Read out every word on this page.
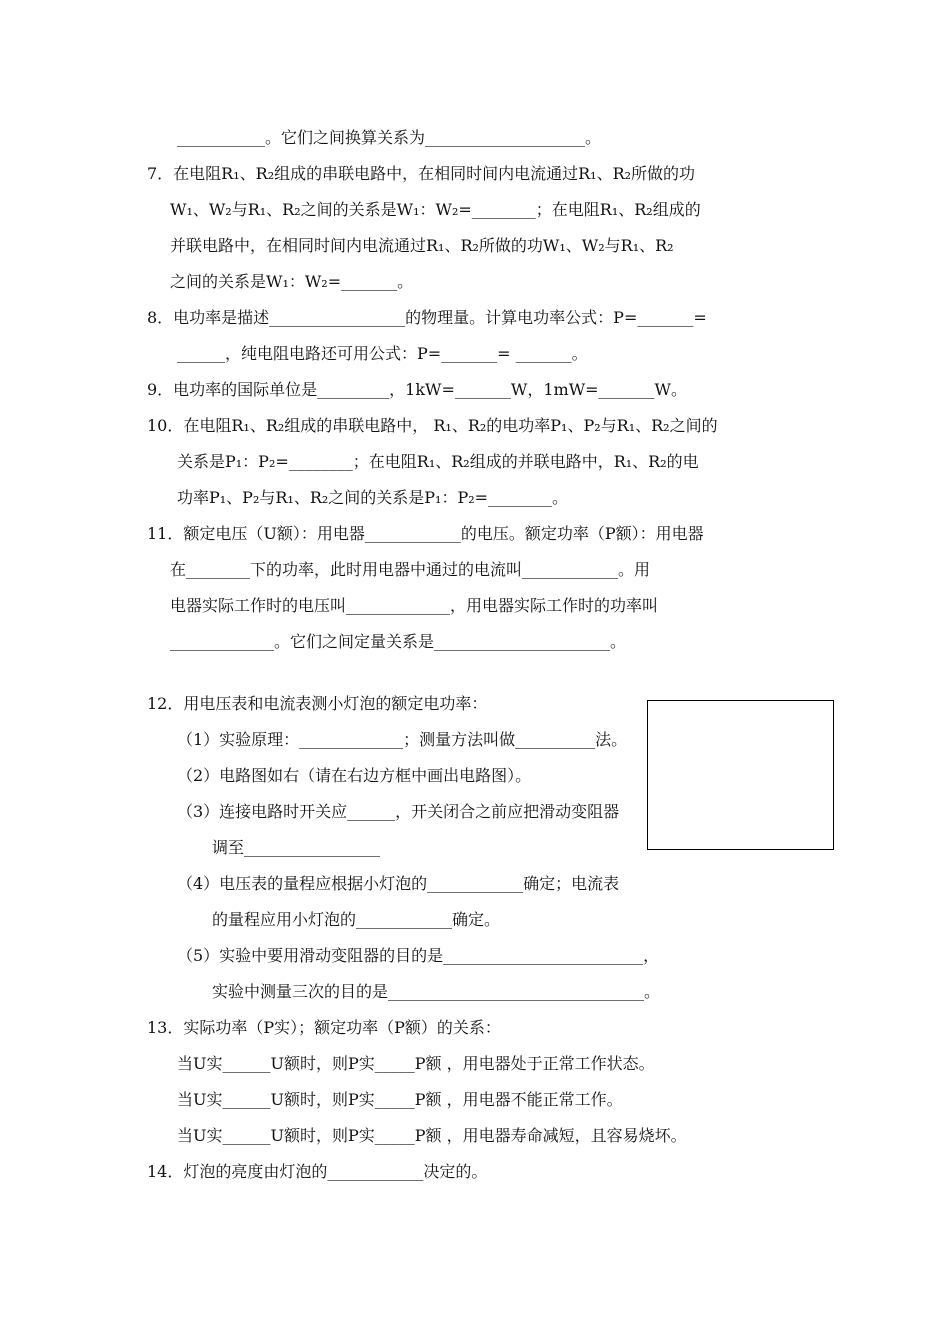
___________。它们之间换算关系为____________________。
7．在电阻R₁、R₂组成的串联电路中，在相同时间内电流通过R₁、R₂所做的功
W₁、W₂与R₁、R₂之间的关系是W₁：W₂=________；在电阻R₁、R₂组成的
并联电路中，在相同时间内电流通过R₁、R₂所做的功W₁、W₂与R₁、R₂
之间的关系是W₁：W₂=_______。
8．电功率是描述_________________的物理量。计算电功率公式：P=_______=
______，纯电阻电路还可用公式：P=_______= _______。
9．电功率的国际单位是_________，1kW=_______W，1mW=_______W。
10．在电阻R₁、R₂组成的串联电路中， R₁、R₂的电功率P₁、P₂与R₁、R₂之间的
关系是P₁：P₂=________；在电阻R₁、R₂组成的并联电路中，R₁、R₂的电
功率P₁、P₂与R₁、R₂之间的关系是P₁：P₂=________。
11．额定电压（U额）：用电器____________的电压。额定功率（P额）：用电器
在________下的功率，此时用电器中通过的电流叫____________。用
电器实际工作时的电压叫_____________，用电器实际工作时的功率叫
_____________。它们之间定量关系是______________________。
12．用电压表和电流表测小灯泡的额定电功率：
（1）实验原理：_____________；测量方法叫做__________法。
（2）电路图如右（请在右边方框中画出电路图）。
（3）连接电路时开关应______，开关闭合之前应把滑动变阻器
调至_________________
（4）电压表的量程应根据小灯泡的____________确定；电流表
的量程应用小灯泡的____________确定。
（5）实验中要用滑动变阻器的目的是_________________________，
实验中测量三次的目的是________________________________。
13．实际功率（P实）；额定功率（P额）的关系：
当U实______U额时，则P实_____P额 ，用电器处于正常工作状态。
当U实______U额时，则P实_____P额 ，用电器不能正常工作。
当U实______U额时，则P实_____P额 ，用电器寿命减短，且容易烧坏。
14．灯泡的亮度由灯泡的____________决定的。
